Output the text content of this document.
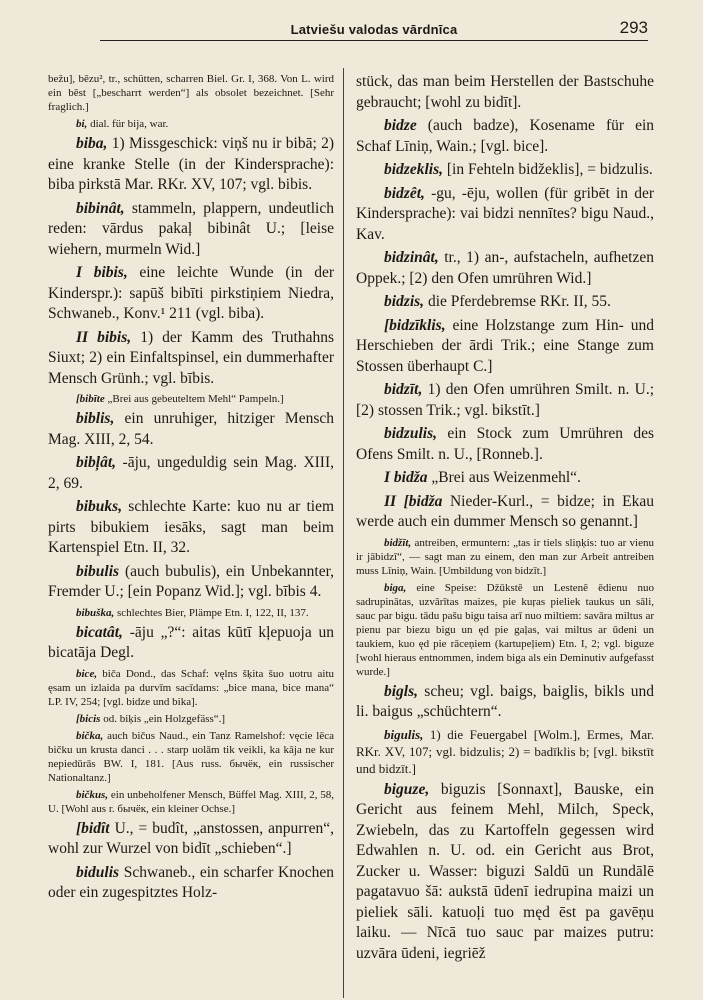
Latviešu valodas vārdnīca	293

bežu], bēzu², tr., schütten, scharren Biel. Gr. I, 368. Von L. wird ein bēst [„bescharrt werden“] als obsolet bezeichnet. [Sehr fraglich.]

bi, dial. für bija, war.

biba, 1) Missgeschick: viņš nu ir bibā; 2) eine kranke Stelle (in der Kindersprache): biba pirkstā Mar. RKr. XV, 107; vgl. bibis.

bibinât, stammeln, plappern, undeutlich reden: vārdus pakaļ bibinât U.; [leise wiehern, murmeln Wid.]

I bibis, eine leichte Wunde (in der Kinderspr.): sapūš bibīti pirkstiņiem Niedra, Schwaneb., Konv.¹ 211 (vgl. biba).

II bibis, 1) der Kamm des Truthahns Siuxt; 2) ein Einfaltspinsel, ein dummerhafter Mensch Grünh.; vgl. bībis.

[bibīte „Brei aus gebeuteltem Mehl“ Pampeln.]

biblis, ein unruhiger, hitziger Mensch Mag. XIII, 2, 54.

bibļât, -āju, ungeduldig sein Mag. XIII, 2, 69.

bibuks, schlechte Karte: kuo nu ar tiem pirts bibukiem iesāks, sagt man beim Kartenspiel Etn. II, 32.

bibulis (auch bubulis), ein Unbekannter, Fremder U.; [ein Popanz Wid.]; vgl. bībis 4.

bibuška, schlechtes Bier, Plämpe Etn. I, 122, II, 137.

bicatât, -āju „?“: aitas kūtī kļepuoja un bicatāja Degl.

bice, biča Dond., das Schaf: vęlns šķita šuo uotru aitu ęsam un izlaida pa durvīm sacīdams: „bice mana, bice mana“ LP. IV, 254; [vgl. bidze und bika].

[bicis od. biķis „ein Holzgefäss“.]

bička, auch bičus Naud., ein Tanz Ramelshof: vęcie lēca bičku un krusta danci . . . starp uolām tik veikli, ka kāja ne kur nepiedūrās BW. I, 181. [Aus russ. бычёк, ein russischer Nationaltanz.]

bičkus, ein unbeholfener Mensch, Büffel Mag. XIII, 2, 58, U. [Wohl aus r. бычёк, ein kleiner Ochse.]

[bidît U., = budît, „anstossen, anpurren“, wohl zur Wurzel von bidīt „schieben“.]

bidulis Schwaneb., ein scharfer Knochen oder ein zugespitztes Holz-

stück, das man beim Herstellen der Bastschuhe gebraucht; [wohl zu bidīt].

bidze (auch badze), Kosename für ein Schaf Līniņ, Wain.; [vgl. bice].

bidzeklis, [in Fehteln bidžeklis], = bidzulis.

bidzêt, -gu, -ēju, wollen (für gribēt in der Kindersprache): vai bidzi nennītes? bigu Naud., Kav.

bidzinât, tr., 1) an-, aufstacheln, aufhetzen Oppek.; [2) den Ofen umrühren Wid.]

bidzis, die Pferdebremse RKr. II, 55.

[bidzīklis, eine Holzstange zum Hin- und Herschieben der ārdi Trik.; eine Stange zum Stossen überhaupt C.]

bidzīt, 1) den Ofen umrühren Smilt. n. U.; [2) stossen Trik.; vgl. bikstīt.]

bidzulis, ein Stock zum Umrühren des Ofens Smilt. n. U., [Ronneb.].

I bidža „Brei aus Weizenmehl“.

II [bidža Nieder-Kurl., = bidze; in Ekau werde auch ein dummer Mensch so genannt.]

bidžīt, antreiben, ermuntern: „tas ir tiels sliņķis: tuo ar vienu ir jābidzī“, — sagt man zu einem, den man zur Arbeit antreiben muss Līniņ, Wain. [Umbildung von bidzīt.]

biga, eine Speise: Džūkstē un Lestenē ēdienu nuo sadrupinātas, uzvārītas maizes, pie kuŗas pieliek taukus un sāli, sauc par bigu. tādu pašu bigu taisa arī nuo miltiem: savāra miltus ar pienu par biezu bigu un ęd pie gaļas, vai miltus ar ūdeni un taukiem, kuo ęd pie rāceņiem (kartupeļiem) Etn. I, 2; vgl. biguze [wohl hieraus entnommen, indem bigа als ein Deminutiv aufgefasst wurde.]

bigls, scheu; vgl. baigs, baiglis, bikls und li. baigus „schüchtern“.

bigulis, 1) die Feuergabel [Wolm.], Ermes, Mar. RKr. XV, 107; vgl. bidzulis; 2) = badīklis b; [vgl. bikstīt und bidzīt.]

biguze, biguzis [Sonnaxt], Bauske, ein Gericht aus feinem Mehl, Milch, Speck, Zwiebeln, das zu Kartoffeln gegessen wird Edwahlen n. U. od. ein Gericht aus Brot, Zucker u. Wasser: biguzi Saldū un Rundālē pagatavuo šā: aukstā ūdenī iedrupina maizi un pieliek sāli. katuoļi tuo męd ēst pa gavēņu laiku. — Nīcā tuo sauc par maizes putru: uzvāra ūdeni, iegriēž
